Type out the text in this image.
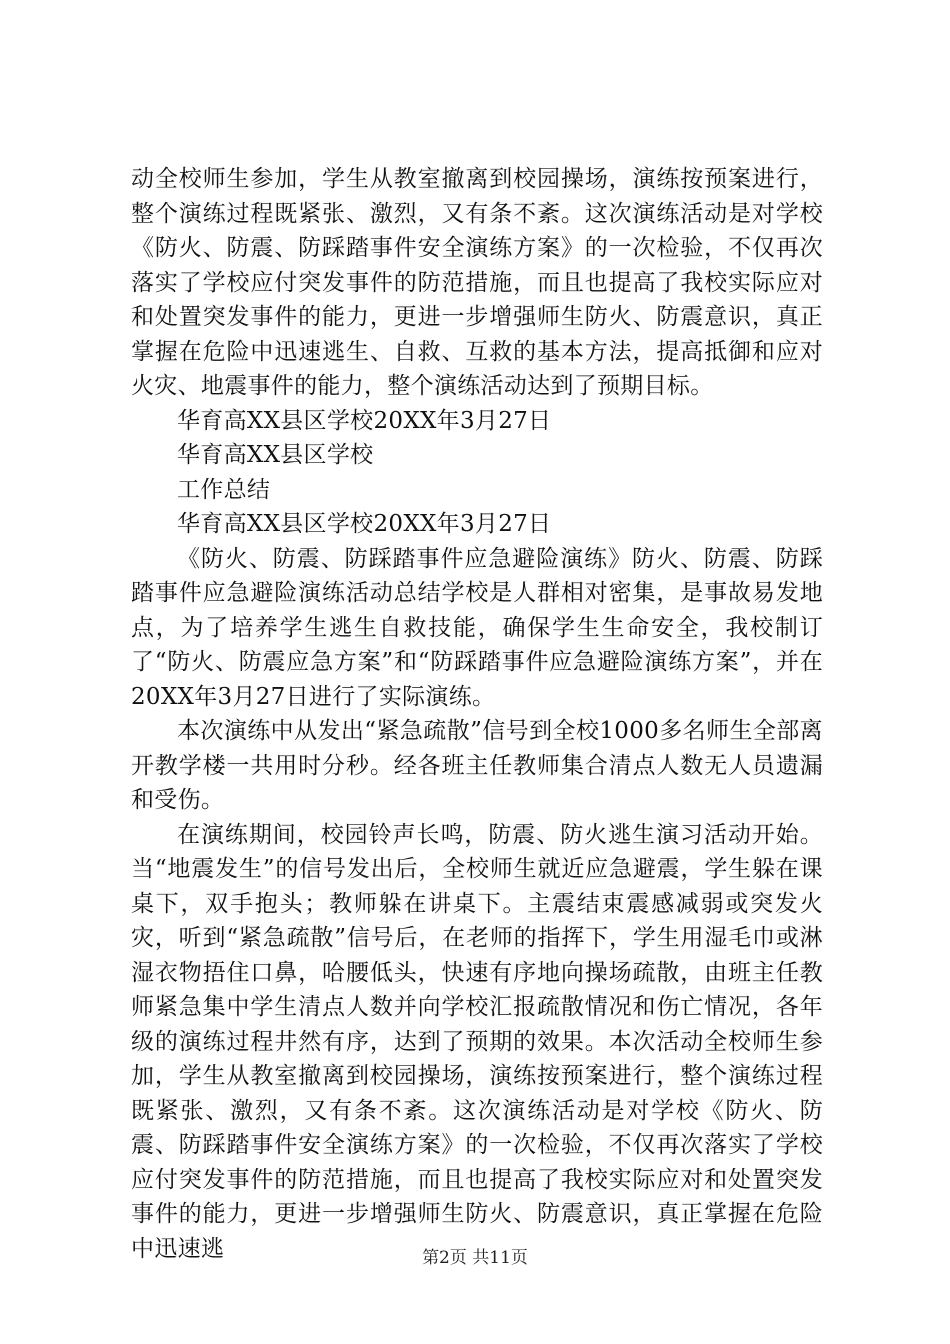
动全校师生参加，学生从教室撤离到校园操场，演练按预案进行，整个演练过程既紧张、激烈，又有条不紊。这次演练活动是对学校《防火、防震、防踩踏事件安全演练方案》的一次检验，不仅再次落实了学校应付突发事件的防范措施，而且也提高了我校实际应对和处置突发事件的能力，更进一步增强师生防火、防震意识，真正掌握在危险中迅速逃生、自救、互救的基本方法，提高抵御和应对火灾、地震事件的能力，整个演练活动达到了预期目标。

华育高XX县区学校20XX年3月27日

华育高XX县区学校

工作总结

华育高XX县区学校20XX年3月27日

《防火、防震、防踩踏事件应急避险演练》防火、防震、防踩踏事件应急避险演练活动总结学校是人群相对密集，是事故易发地点，为了培养学生逃生自救技能，确保学生生命安全，我校制订了“防火、防震应急方案”和“防踩踏事件应急避险演练方案”，并在20XX年3月27日进行了实际演练。

本次演练中从发出“紧急疏散”信号到全校1000多名师生全部离开教学楼一共用时分秒。经各班主任教师集合清点人数无人员遗漏和受伤。

在演练期间，校园铃声长鸣，防震、防火逃生演习活动开始。当“地震发生”的信号发出后，全校师生就近应急避震，学生躲在课桌下，双手抱头；教师躲在讲桌下。主震结束震感减弱或突发火灾，听到“紧急疏散”信号后，在老师的指挥下，学生用湿毛巾或淋湿衣物捂住口鼻，哈腰低头，快速有序地向操场疏散，由班主任教师紧急集中学生清点人数并向学校汇报疏散情况和伤亡情况，各年级的演练过程井然有序，达到了预期的效果。本次活动全校师生参加，学生从教室撤离到校园操场，演练按预案进行，整个演练过程既紧张、激烈，又有条不紊。这次演练活动是对学校《防火、防震、防踩踏事件安全演练方案》的一次检验，不仅再次落实了学校应付突发事件的防范措施，而且也提高了我校实际应对和处置突发事件的能力，更进一步增强师生防火、防震意识，真正掌握在危险中迅速逃	第2页 共11页
